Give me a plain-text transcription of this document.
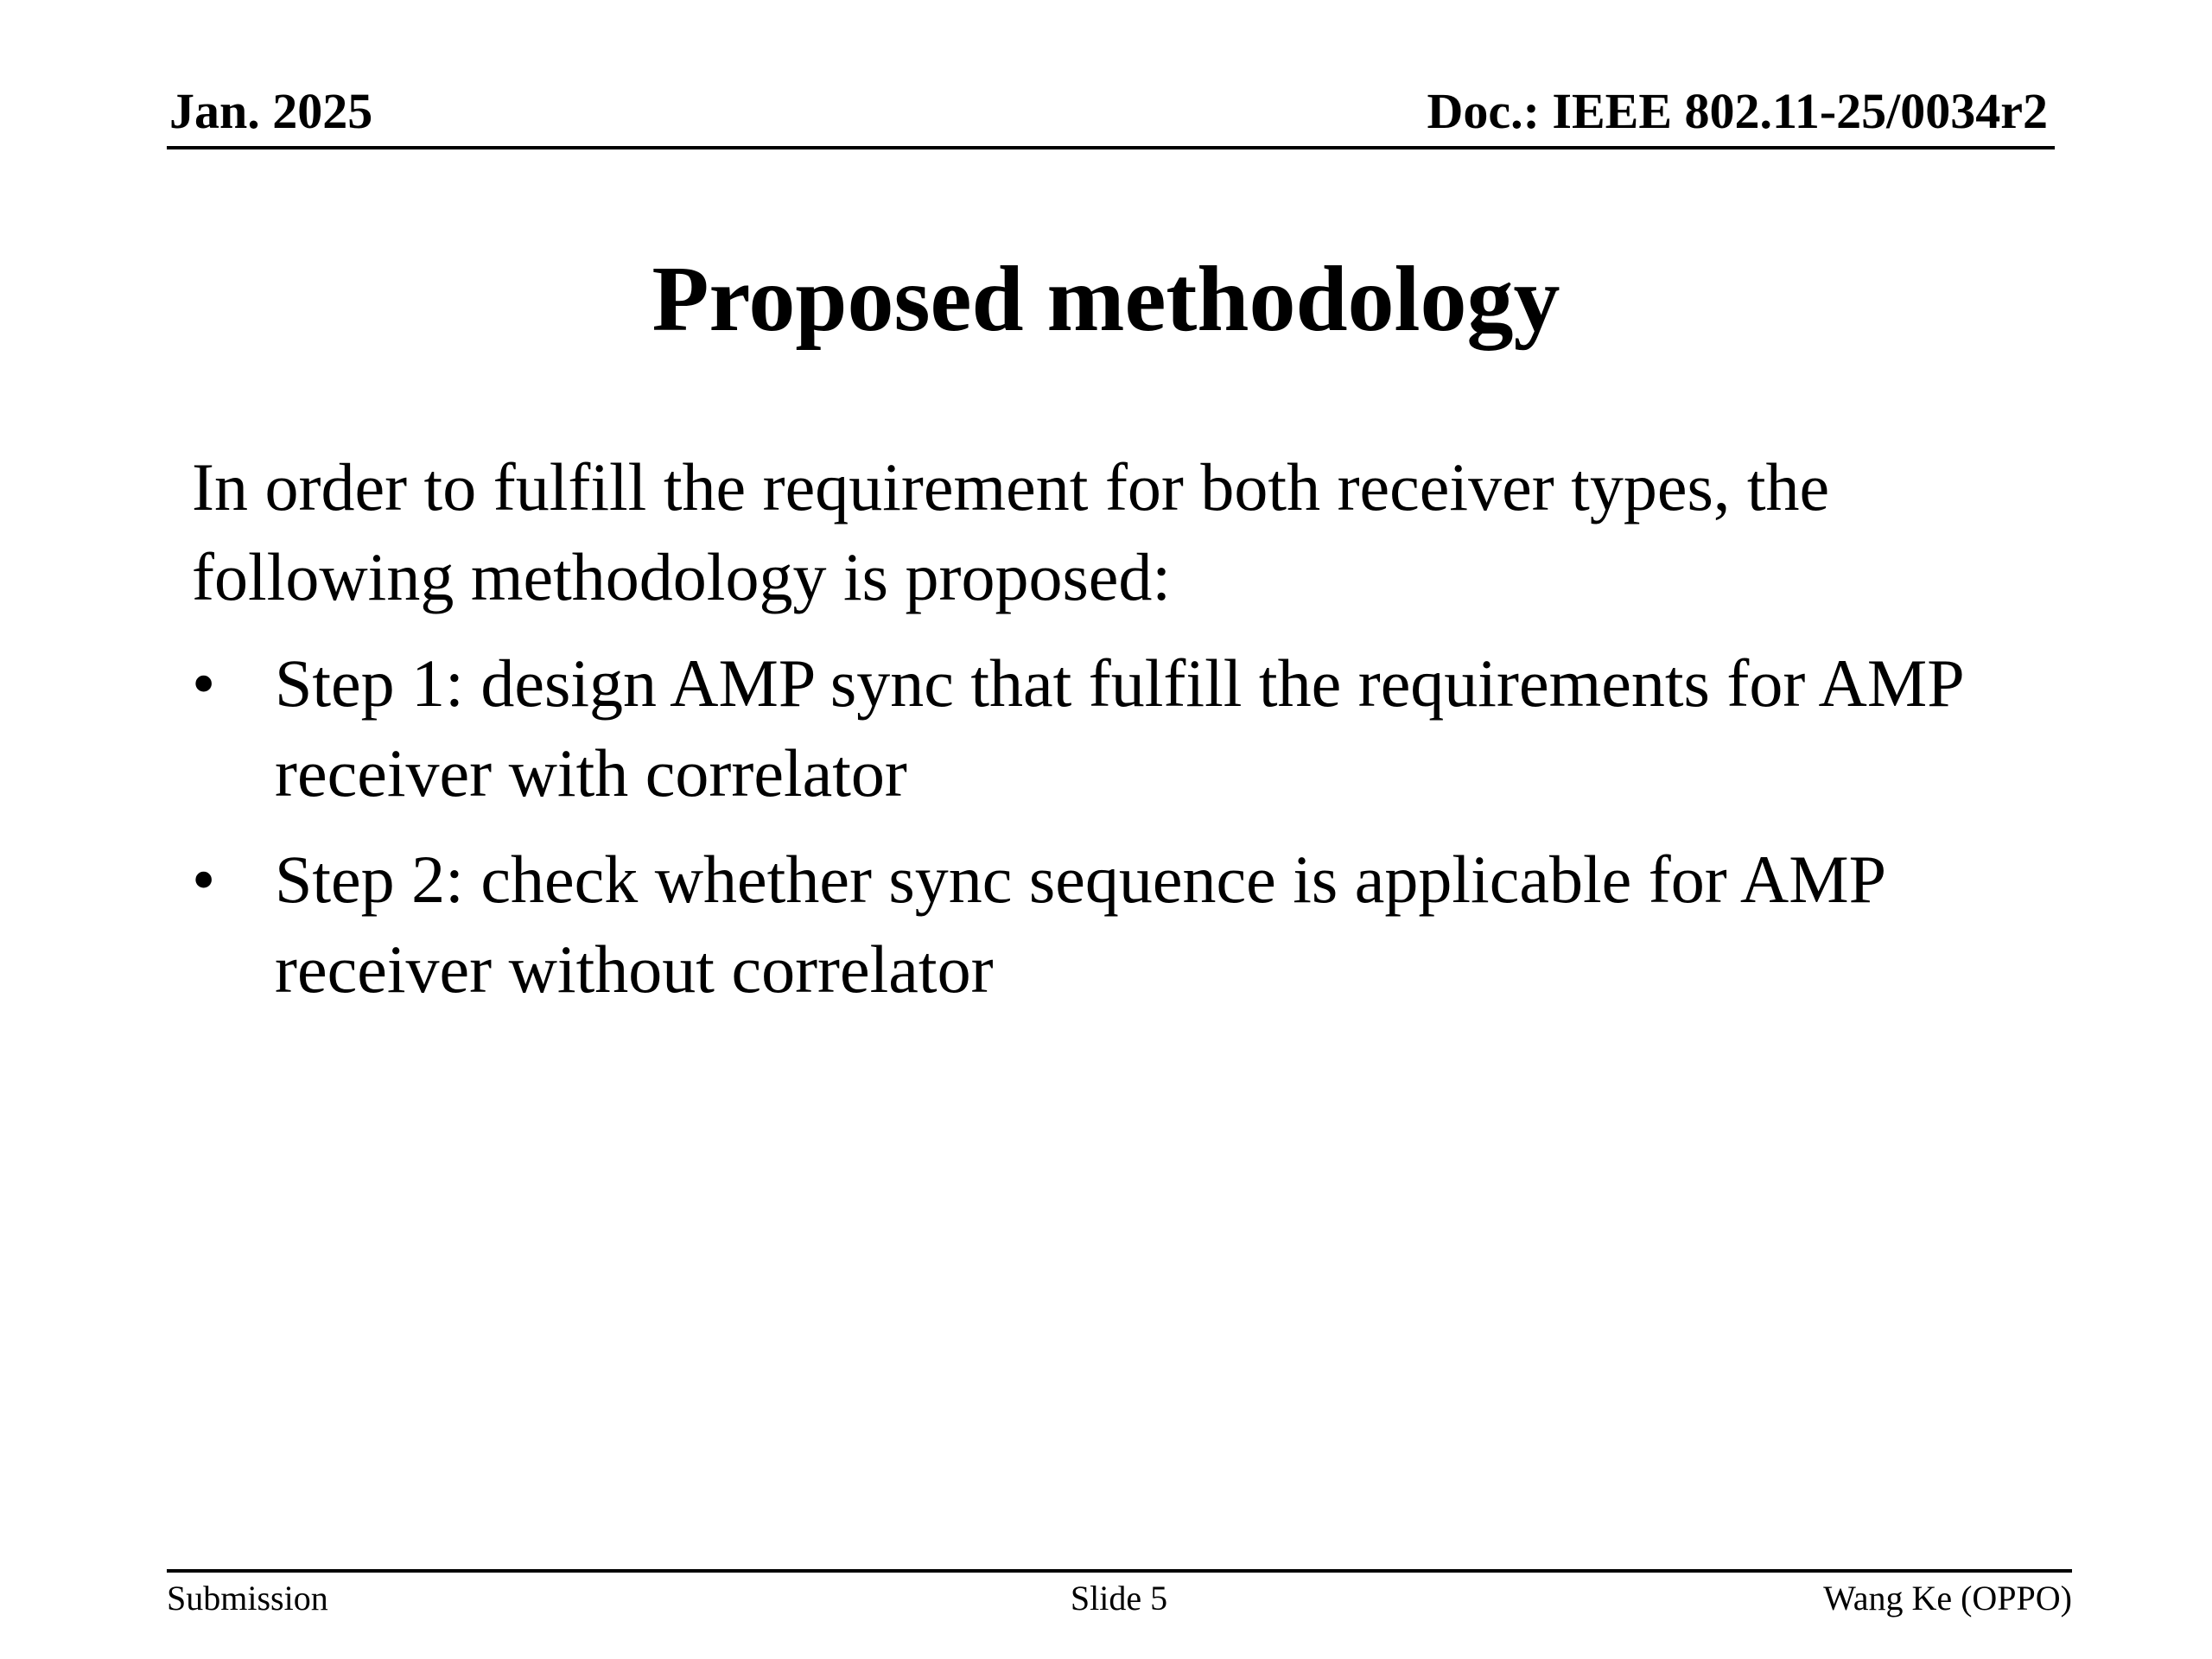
Jan. 2025	Doc.: IEEE 802.11-25/0034r2
Proposed methodology

In order to fulfill the requirement for both receiver types, the following methodology is proposed:

• Step 1: design AMP sync that fulfill the requirements for AMP receiver with correlator
• Step 2: check whether sync sequence is applicable for AMP receiver without correlator
Submission	Slide 5	Wang Ke (OPPO)
